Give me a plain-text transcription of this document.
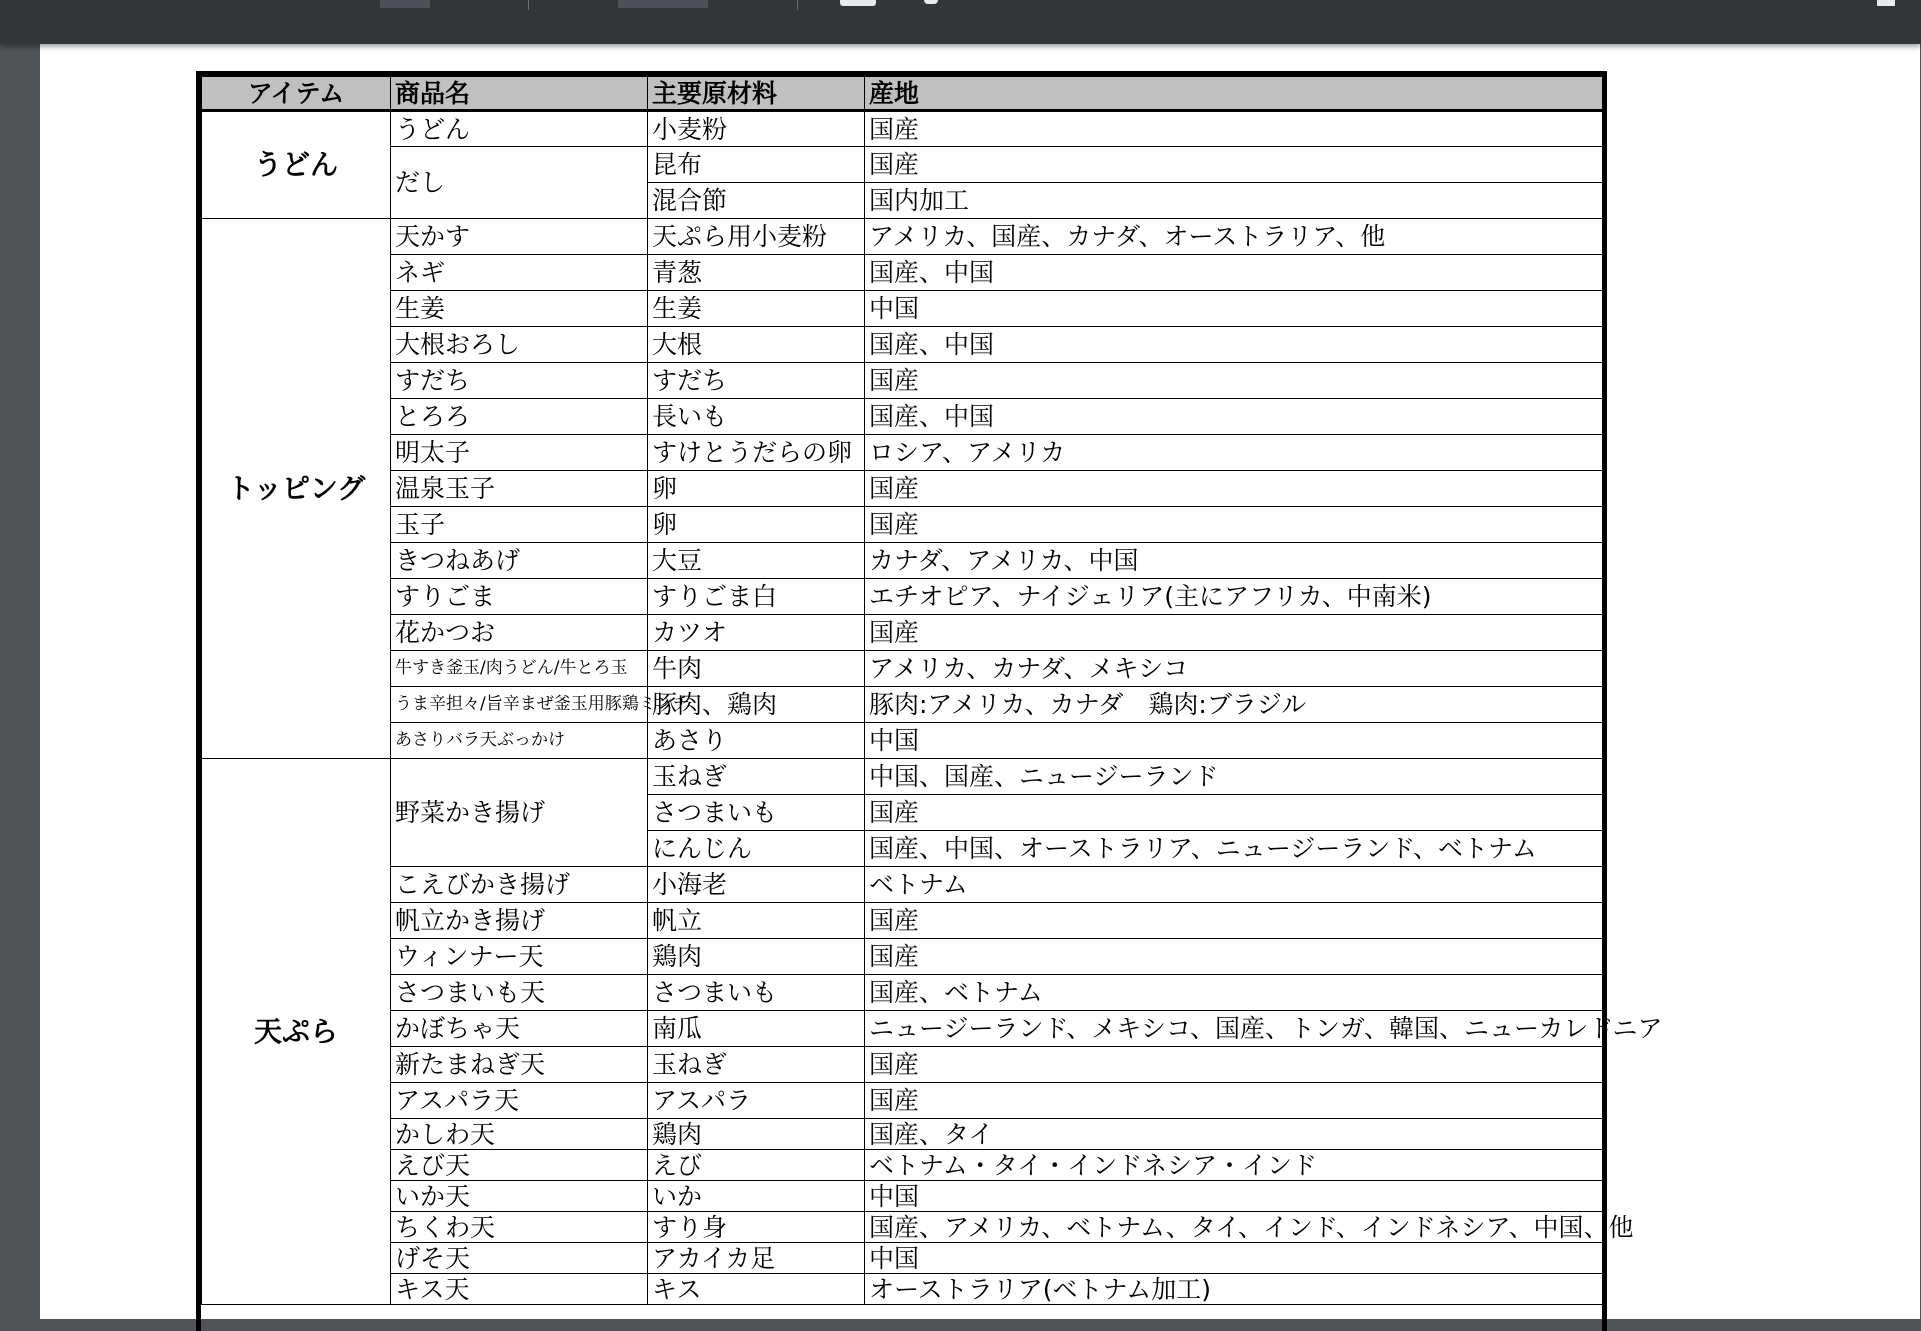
アイテム	商品名	主要原材料	産地
うどん	うどん	小麦粉	国産
	だし	昆布	国産
		混合節	国内加工
トッピング	天かす	天ぷら用小麦粉	アメリカ、国産、カナダ、オーストラリア、他
	ネギ	青葱	国産、中国
	生姜	生姜	中国
	大根おろし	大根	国産、中国
	すだち	すだち	国産
	とろろ	長いも	国産、中国
	明太子	すけとうだらの卵	ロシア、アメリカ
	温泉玉子	卵	国産
	玉子	卵	国産
	きつねあげ	大豆	カナダ、アメリカ、中国
	すりごま	すりごま白	エチオピア、ナイジェリア(主にアフリカ、中南米)
	花かつお	カツオ	国産
	牛すき釜玉/肉うどん/牛とろ玉	牛肉	アメリカ、カナダ、メキシコ
	うま辛担々/旨辛まぜ釜玉用豚鶏ミンチ	豚肉、鶏肉	豚肉:アメリカ、カナダ　鶏肉:ブラジル
	あさりバラ天ぶっかけ	あさり	中国
天ぷら	野菜かき揚げ	玉ねぎ	中国、国産、ニュージーランド
		さつまいも	国産
		にんじん	国産、中国、オーストラリア、ニュージーランド、ベトナム
	こえびかき揚げ	小海老	ベトナム
	帆立かき揚げ	帆立	国産
	ウィンナー天	鶏肉	国産
	さつまいも天	さつまいも	国産、ベトナム
	かぼちゃ天	南瓜	ニュージーランド、メキシコ、国産、トンガ、韓国、ニューカレドニア
	新たまねぎ天	玉ねぎ	国産
	アスパラ天	アスパラ	国産
	かしわ天	鶏肉	国産、タイ
	えび天	えび	ベトナム・タイ・インドネシア・インド
	いか天	いか	中国
	ちくわ天	すり身	国産、アメリカ、ベトナム、タイ、インド、インドネシア、中国、他
	げそ天	アカイカ足	中国
	キス天	キス	オーストラリア(ベトナム加工)
